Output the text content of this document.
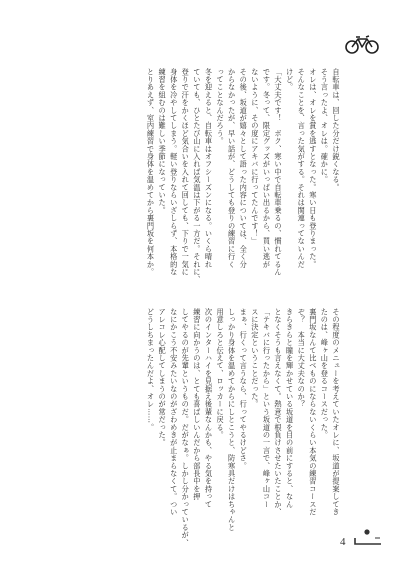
自転車は、回した分だけ鋭くなる。
そう言ったよ、オレは。確かに。
オレは、オレを賞を逃すとなった。寒い日も登りまった。
そんなことを、言った気がする。それは関連ってないんだ
けど。
「大丈夫です！　ボク、寒い中で自転車乗るの、慣れてるん
です。冬って、限定グッズがいっぱい出るから、買い逃が
ないように、その度にアキバに行ってたんです！」
その後、坂道が嬉々として語った内容については、全く分
からなかったが、早い話が、どうしても登りの練習に行く
ってことなんだろう。
冬を迎えると、自転車はオフシーズンになる。いくら晴れ
ていても、ひとたび山に入れば気温は下がる一方だ。それに、
登りで汗をかくほど気合いを入れて回しても、下りで一気に
身体を冷やしてしまう。軽い登りならいざしらず、本格的な
練習を組むのは難しい季節になっていた。
とりあえず、室内練習で身体を温めてから裏門坂を何本か。
その程度のメニューを考えていたオレに、坂道が提案してき
たのは、峰ヶ山を登るコースだった。
裏門坂なんて比べものにならないくらい本気の練習コースだ
ぞ？　本当に大丈夫なのか？
きらきらと瞳を輝かせている坂道を目の前にすると、なん
となくそうも言えなくて。熱意で根負けさせたいたことか、
「テキバに行ったから」という坂道の一言で、峰ヶ山コー
スに決定ということだった。
まぁ、行くって言うなら、行ってやるけどさ。
しっかり身体を温めてからにしとこうと、防寒具だけはちゃんと
用意しろと伝えて、ロッカーに戻る。
次のインターハイを見据え後輩なんかも、やる気を持って
練習に向かうのは、とても喜ばしいんだから部長中を押
してやるのが先輩というものだ。だがなぁ。しかし分かっているが、
なにかこう不安みたいなのがざわめきが止まらなくて。つい
アレコレ心配してしまうのが常だった。
どうしちまったんだよ、オレ……。
4
